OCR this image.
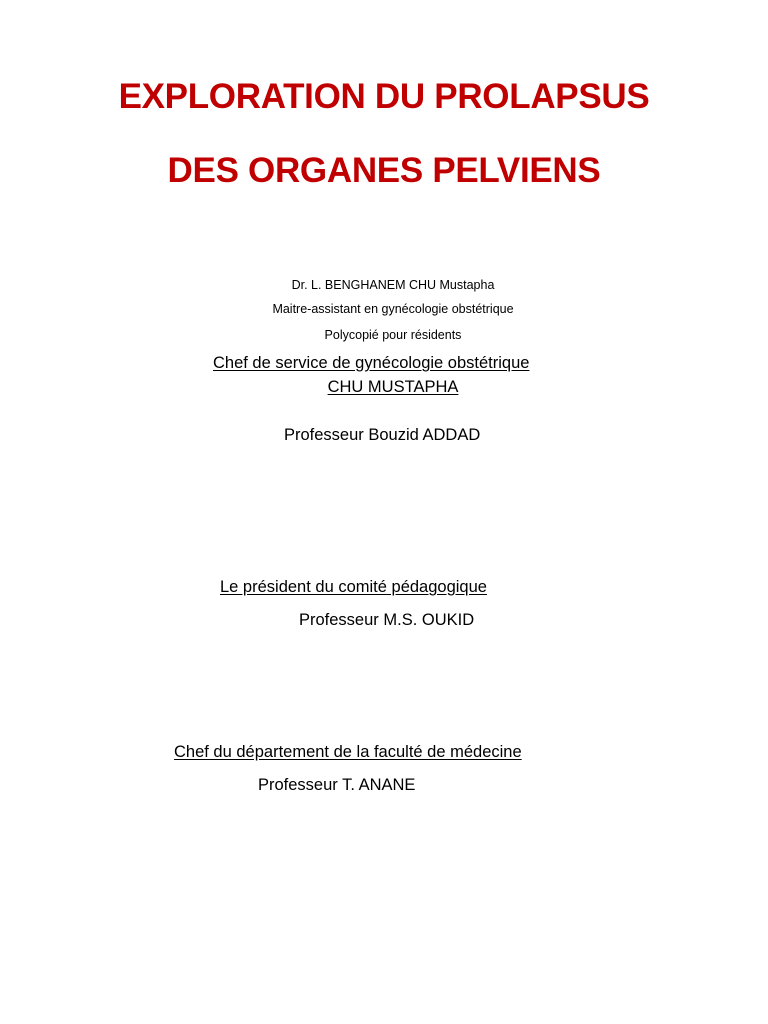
EXPLORATION DU PROLAPSUS
DES ORGANES PELVIENS
Dr. L. BENGHANEM CHU Mustapha
Maitre-assistant en gynécologie obstétrique
Polycopié pour résidents
Chef de service de gynécologie obstétrique
CHU MUSTAPHA
Professeur Bouzid ADDAD
Le président du comité pédagogique
Professeur M.S. OUKID
Chef du département de la faculté de médecine
Professeur T. ANANE
